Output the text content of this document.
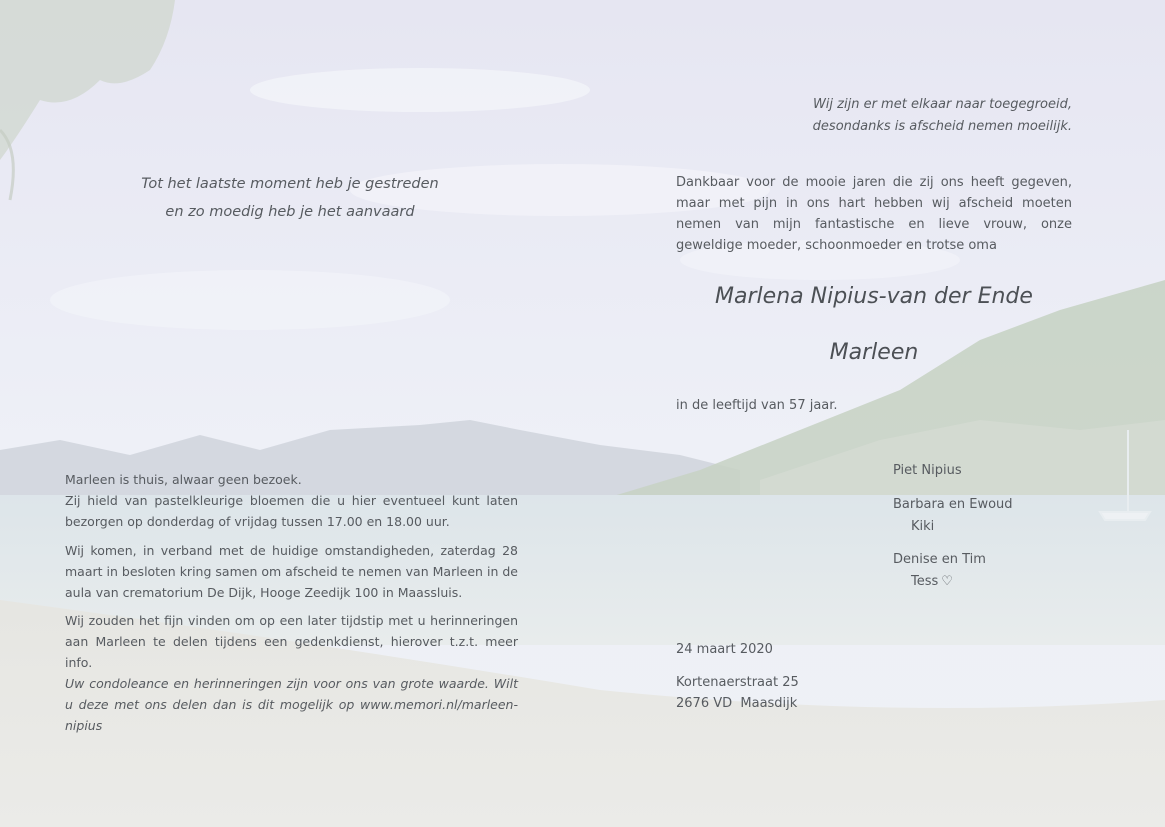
Tot het laatste moment heb je gestreden
en zo moedig heb je het aanvaard
Wij zijn er met elkaar naar toegegroeid,
desondanks is afscheid nemen moeilijk.
Dankbaar voor de mooie jaren die zij ons heeft gegeven, maar met pijn in ons hart hebben wij afscheid moeten nemen van mijn fantastische en lieve vrouw, onze geweldige moeder, schoonmoeder en trotse oma
Marlena Nipius-van der Ende
Marleen
in de leeftijd van 57 jaar.
Piet Nipius
Barbara en Ewoud
Kiki
Denise en Tim
Tess ♡
Marleen is thuis, alwaar geen bezoek.
Zij hield van pastelkleurige bloemen die u hier eventueel kunt laten bezorgen op donderdag of vrijdag tussen 17.00 en 18.00 uur.
Wij komen, in verband met de huidige omstandigheden, zaterdag 28 maart in besloten kring samen om afscheid te nemen van Marleen in de aula van crematorium De Dijk, Hooge Zeedijk 100 in Maassluis.
Wij zouden het fijn vinden om op een later tijdstip met u herinneringen aan Marleen te delen tijdens een gedenkdienst, hierover t.z.t. meer info.
Uw condoleance en herinneringen zijn voor ons van grote waarde. Wilt u deze met ons delen dan is dit mogelijk op www.memori.nl/marleen-nipius
24 maart 2020
Kortenaerstraat 25
2676 VD  Maasdijk
